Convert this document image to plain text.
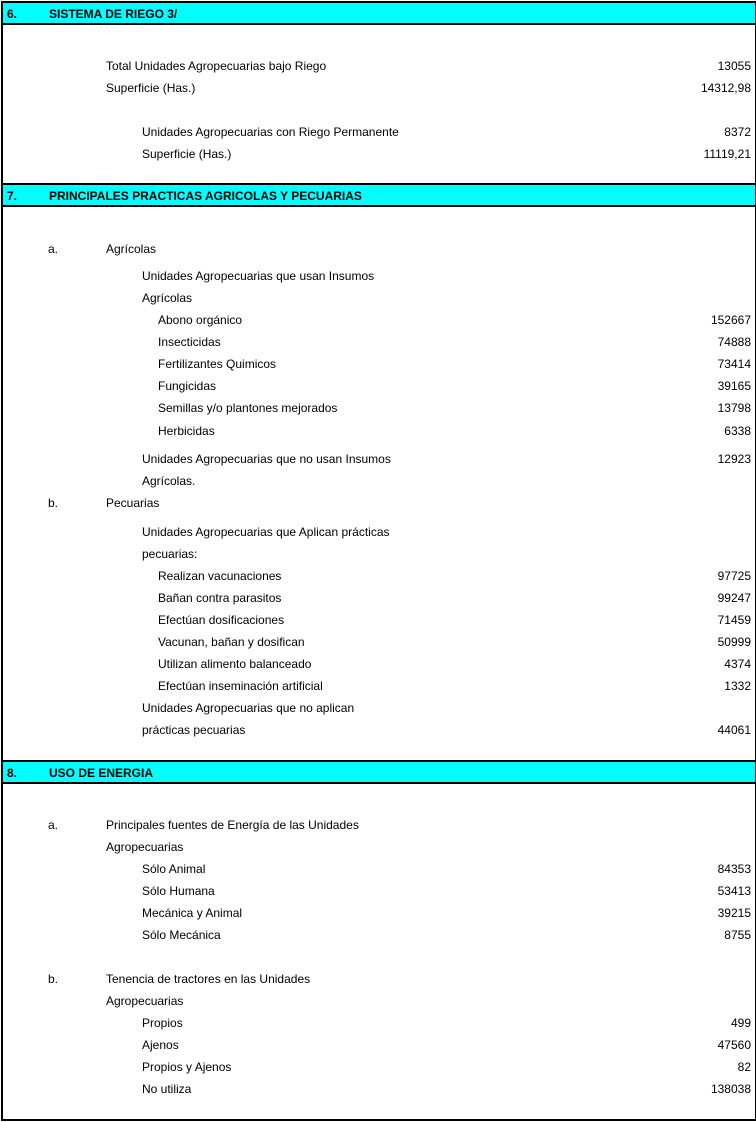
6.	SISTEMA DE RIEGO 3/
Total Unidades Agropecuarias bajo Riego	13055
Superficie (Has.)	14312,98
Unidades Agropecuarias con Riego Permanente	8372
Superficie (Has.)	11119,21
7.	PRINCIPALES PRACTICAS AGRICOLAS Y PECUARIAS
a.	Agrícolas
Unidades Agropecuarias que usan Insumos
Agrícolas
Abono orgánico	152667
Insecticidas	74888
Fertilizantes Quimicos	73414
Fungicidas	39165
Semillas y/o plantones mejorados	13798
Herbicidas	6338
Unidades Agropecuarias que no usan Insumos	12923
Agrícolas.
b.	Pecuarias
Unidades Agropecuarias que Aplican prácticas
pecuarias:
Realizan vacunaciones	97725
Bañan contra parasitos	99247
Efectúan dosificaciones	71459
Vacunan, bañan y dosifican	50999
Utilizan alimento balanceado	4374
Efectúan inseminación artificial	1332
Unidades Agropecuarias que no aplican
prácticas pecuarias	44061
8.	USO DE ENERGIA
a.	Principales fuentes de Energía de las Unidades
Agropecuarias
Sólo Animal	84353
Sólo Humana	53413
Mecánica y Animal	39215
Sólo Mecánica	8755
b.	Tenencia de tractores en las Unidades
Agropecuarias
Propios	499
Ajenos	47560
Propios y Ajenos	82
No utiliza	138038
